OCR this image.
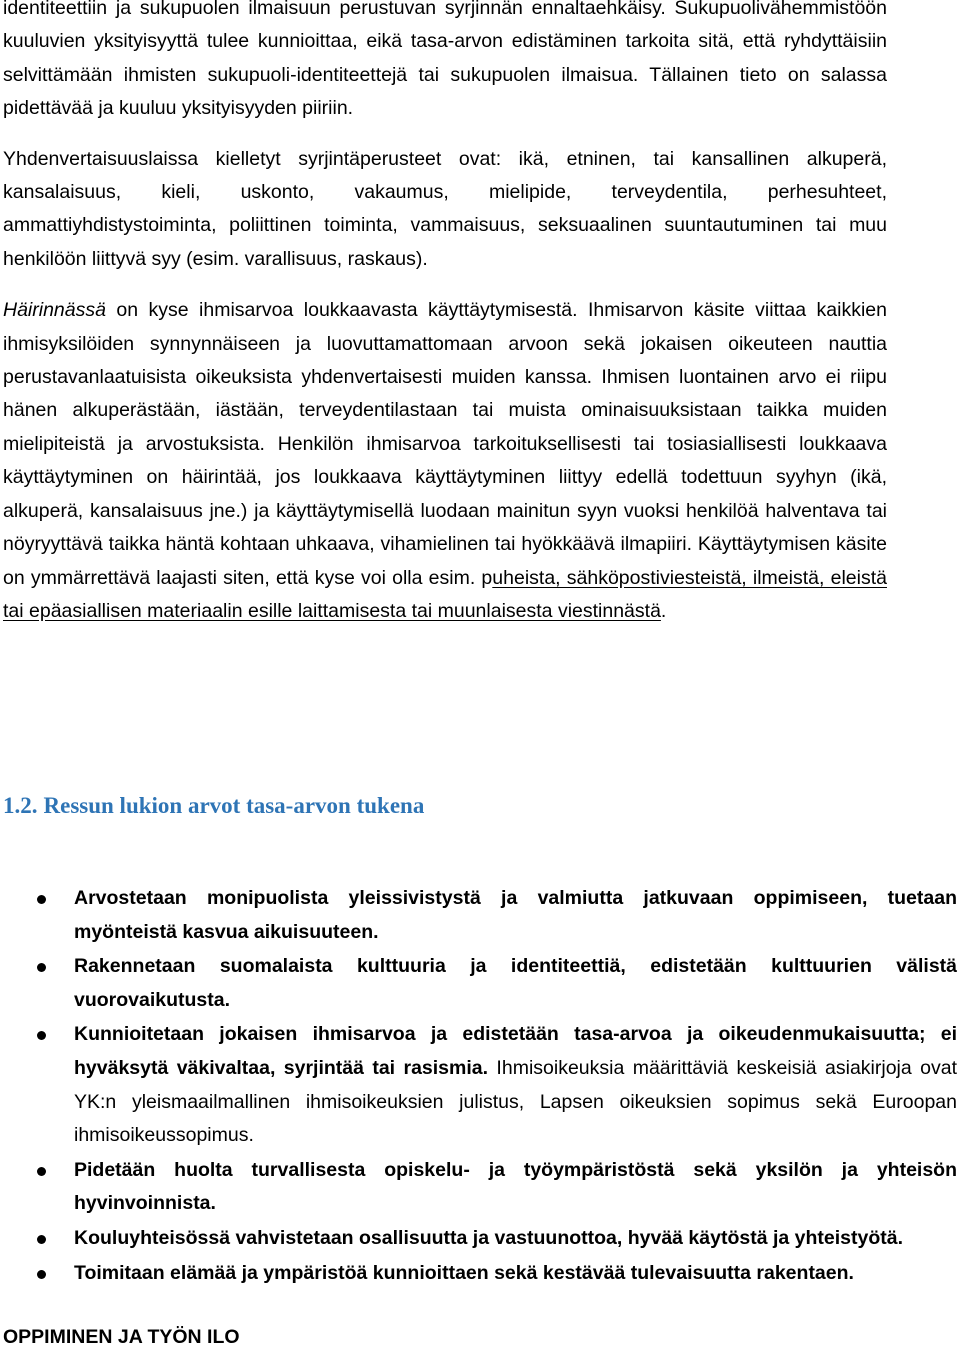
identiteettiin ja sukupuolen ilmaisuun perustuvan syrjinnän ennaltaehkäisy. Sukupuolivähemmistöön kuuluvien yksityisyyttä tulee kunnioittaa, eikä tasa-arvon edistäminen tarkoita sitä, että ryhdyttäisiin selvittämään ihmisten sukupuoli-identiteettejä tai sukupuolen ilmaisua. Tällainen tieto on salassa pidettävää ja kuuluu yksityisyyden piiriin.

Yhdenvertaisuuslaissa kielletyt syrjintäperusteet ovat: ikä, etninen, tai kansallinen alkuperä, kansalaisuus, kieli, uskonto, vakaumus, mielipide, terveydentila, perhesuhteet, ammattiyhdistystoiminta, poliittinen toiminta, vammaisuus, seksuaalinen suuntautuminen tai muu henkilöön liittyvä syy (esim. varallisuus, raskaus).

Häirinnässä on kyse ihmisarvoa loukkaavasta käyttäytymisestä. Ihmisarvon käsite viittaa kaikkien ihmisyksilöiden synnynnäiseen ja luovuttamattomaan arvoon sekä jokaisen oikeuteen nauttia perustavanlaatuisista oikeuksista yhdenvertaisesti muiden kanssa. Ihmisen luontainen arvo ei riipu hänen alkuperästään, iästään, terveydentilastaan tai muista ominaisuuksistaan taikka muiden mielipiteistä ja arvostuksista. Henkilön ihmisarvoa tarkoituksellisesti tai tosiasiallisesti loukkaava käyttäytyminen on häirintää, jos loukkaava käyttäytyminen liittyy edellä todettuun syyhyn (ikä, alkuperä, kansalaisuus jne.) ja käyttäytymisellä luodaan mainitun syyn vuoksi henkilöä halventava tai nöyryyttävä taikka häntä kohtaan uhkaava, vihamielinen tai hyökkäävä ilmapiiri. Käyttäytymisen käsite on ymmärrettävä laajasti siten, että kyse voi olla esim. puheista, sähköpostiviesteistä, ilmeistä, eleistä tai epäasiallisen materiaalin esille laittamisesta tai muunlaisesta viestinnästä.

1.2. Ressun lukion arvot tasa-arvon tukena
Arvostetaan monipuolista yleissivistystä ja valmiutta jatkuvaan oppimiseen, tuetaan myönteistä kasvua aikuisuuteen.
Rakennetaan suomalaista kulttuuria ja identiteettiä, edistetään kulttuurien välistä vuorovaikutusta.
Kunnioitetaan jokaisen ihmisarvoa ja edistetään tasa-arvoa ja oikeudenmukaisuutta; ei hyväksytä väkivaltaa, syrjintää tai rasismia. Ihmisoikeuksia määrittäviä keskeisiä asiakirjoja ovat YK:n yleismaailmallinen ihmisoikeuksien julistus, Lapsen oikeuksien sopimus sekä Euroopan ihmisoikeussopimus.
Pidetään huolta turvallisesta opiskelu- ja työympäristöstä sekä yksilön ja yhteisön hyvinvoinnista.
Kouluyhteisössä vahvistetaan osallisuutta ja vastuunottoa, hyvää käytöstä ja yhteistyötä.
Toimitaan elämää ja ympäristöä kunnioittaen sekä kestävää tulevaisuutta rakentaen.
OPPIMINEN JA TYÖN ILO
